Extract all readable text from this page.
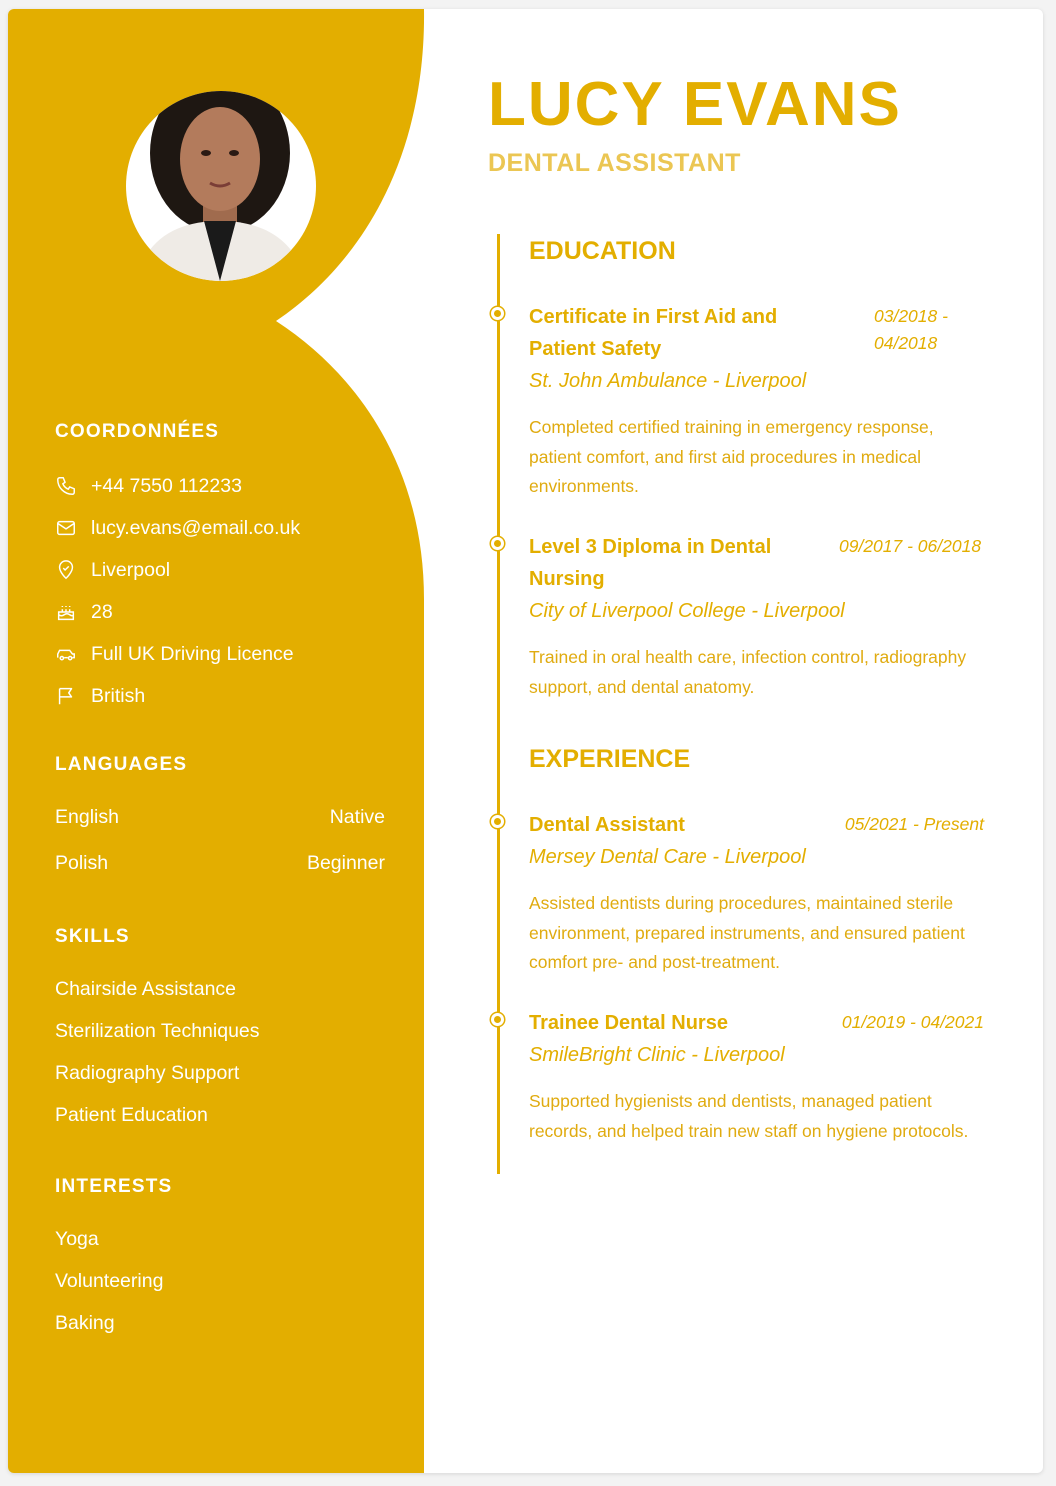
COORDONNÉES
+44 7550 112233
lucy.evans@email.co.uk
Liverpool
28
Full UK Driving Licence
British
LANGUAGES
English	Native
Polish	Beginner
SKILLS
Chairside Assistance
Sterilization Techniques
Radiography Support
Patient Education
INTERESTS
Yoga
Volunteering
Baking
LUCY EVANS
DENTAL ASSISTANT
EDUCATION
Certificate in First Aid and Patient Safety
03/2018 - 04/2018
St. John Ambulance - Liverpool
Completed certified training in emergency response, patient comfort, and first aid procedures in medical environments.
Level 3 Diploma in Dental Nursing
09/2017 - 06/2018
City of Liverpool College - Liverpool
Trained in oral health care, infection control, radiography support, and dental anatomy.
EXPERIENCE
Dental Assistant	05/2021 - Present
Mersey Dental Care - Liverpool
Assisted dentists during procedures, maintained sterile environment, prepared instruments, and ensured patient comfort pre- and post-treatment.
Trainee Dental Nurse	01/2019 - 04/2021
SmileBright Clinic - Liverpool
Supported hygienists and dentists, managed patient records, and helped train new staff on hygiene protocols.
